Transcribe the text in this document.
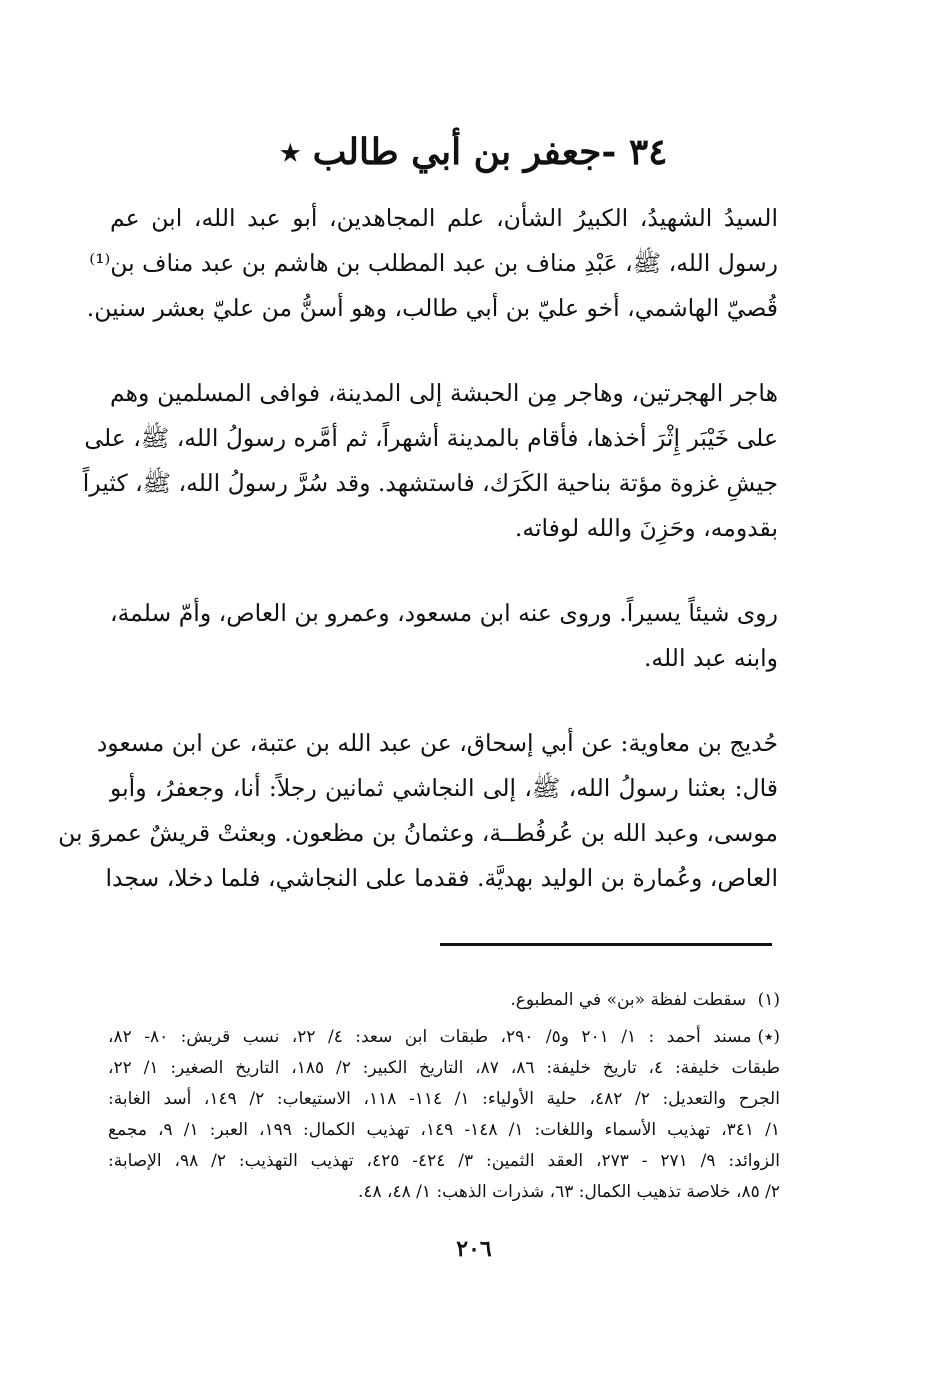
٣٤ -جعفر بن أبي طالب ٭

السيدُ الشهيدُ، الكبيرُ الشأن، علم المجاهدين، أبو عبد الله، ابن عم
رسول الله، ﷺ، عَبْدِ مناف بن عبد المطلب بن هاشم بن عبد مناف بن⁽¹⁾
قُصيّ الهاشمي، أخو عليّ بن أبي طالب، وهو أسنُّ من عليّ بعشر سنين.

هاجر الهجرتين، وهاجر مِن الحبشة إلى المدينة، فوافى المسلمين وهم
على خَيْبَر إِثْرَ أخذها، فأقام بالمدينة أشهراً، ثم أمَّره رسولُ الله، ﷺ، على
جيشِ غزوة مؤتة بناحية الكَرَك، فاستشهد. وقد سُرَّ رسولُ الله، ﷺ، كثيراً
بقدومه، وحَزِنَ والله لوفاته.

روى شيئاً يسيراً. وروى عنه ابن مسعود، وعمرو بن العاص، وأمّ سلمة،
وابنه عبد الله.

حُديج بن معاوية: عن أبي إسحاق، عن عبد الله بن عتبة، عن ابن مسعود
قال: بعثنا رسولُ الله، ﷺ، إلى النجاشي ثمانين رجلاً: أنا، وجعفرُ، وأبو
موسى، وعبد الله بن عُرفُطــة، وعثمانُ بن مظعون. وبعثتْ قريشٌ عمروَ بن
العاص، وعُمارة بن الوليد بهديَّة. فقدما على النجاشي، فلما دخلا، سجدا

(١) سقطت لفظة «بن» في المطبوع.

(٭)مسند أحمد : ١/ ٢٠١ و٥/ ٢٩٠، طبقات ابن سعد: ٤/ ٢٢، نسب قريش: ٨٠- ٨٢،
طبقات خليفة: ٤، تاريخ خليفة: ٨٦، ٨٧، التاريخ الكبير: ٢/ ١٨٥، التاريخ الصغير: ١/ ٢٢،
الجرح والتعديل: ٢/ ٤٨٢، حلية الأولياء: ١/ ١١٤- ١١٨، الاستيعاب: ٢/ ١٤٩، أسد الغابة:
١/ ٣٤١، تهذيب الأسماء واللغات: ١/ ١٤٨- ١٤٩، تهذيب الكمال: ١٩٩، العبر: ١/ ٩، مجمع
الزوائد: ٩/ ٢٧١ - ٢٧٣، العقد الثمين: ٣/ ٤٢٤- ٤٢٥، تهذيب التهذيب: ٢/ ٩٨، الإصابة:
٢/ ٨٥، خلاصة تذهيب الكمال: ٦٣، شذرات الذهب: ١/ ٤٨، ٤٨.
٢٠٦
